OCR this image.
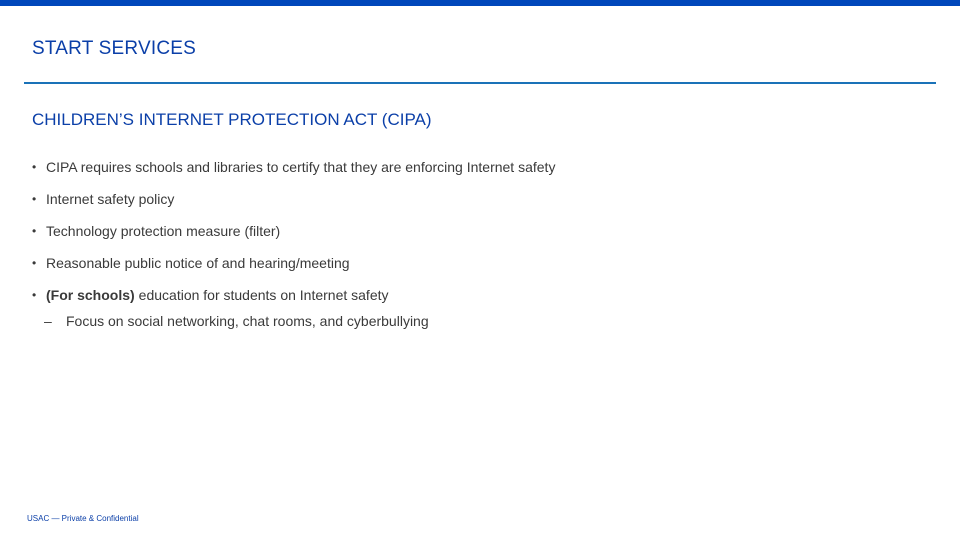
START SERVICES
CHILDREN’S INTERNET PROTECTION ACT (CIPA)
• CIPA requires schools and libraries to certify that they are enforcing Internet safety
• Internet safety policy
• Technology protection measure (filter)
• Reasonable public notice of and hearing/meeting
• (For schools) education for students on Internet safety
– Focus on social networking, chat rooms, and cyberbullying
USAC — Private & Confidential
